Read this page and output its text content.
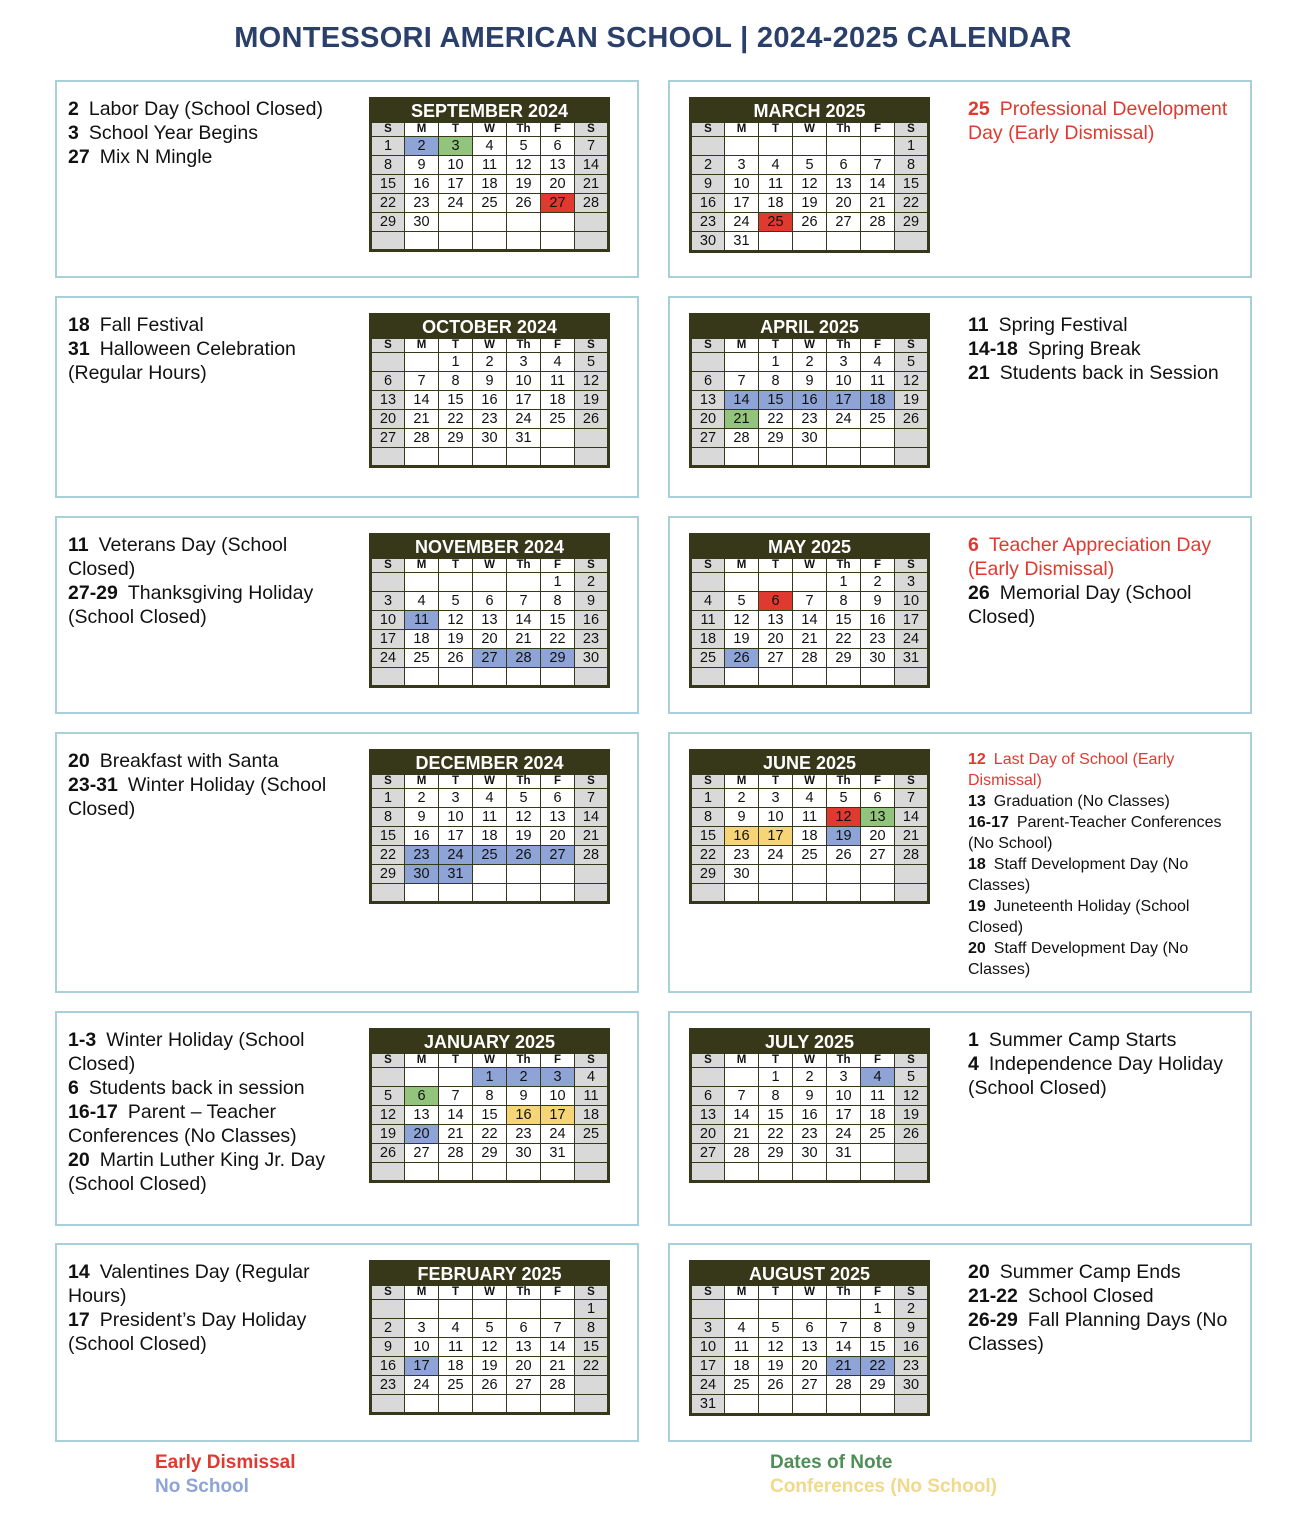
MONTESSORI AMERICAN SCHOOL | 2024-2025 CALENDAR
2 Labor Day (School Closed)
3 School Year Begins
27 Mix N Mingle
SEPTEMBER 2024						
S	M	T	W	Th	F	S
1	2	3	4	5	6	7
8	9	10	11	12	13	14
15	16	17	18	19	20	21
22	23	24	25	26	27	28
29	30					

MARCH 2025						
S	M	T	W	Th	F	S
						1
2	3	4	5	6	7	8
9	10	11	12	13	14	15
16	17	18	19	20	21	22
23	24	25	26	27	28	29
30	31					
25 Professional Development Day (Early Dismissal)
18 Fall Festival
31 Halloween Celebration (Regular Hours)
OCTOBER 2024						
S	M	T	W	Th	F	S
		1	2	3	4	5
6	7	8	9	10	11	12
13	14	15	16	17	18	19
20	21	22	23	24	25	26
27	28	29	30	31		

APRIL 2025						
S	M	T	W	Th	F	S
		1	2	3	4	5
6	7	8	9	10	11	12
13	14	15	16	17	18	19
20	21	22	23	24	25	26
27	28	29	30			

11 Spring Festival
14-18 Spring Break
21 Students back in Session
11 Veterans Day (School Closed)
27-29 Thanksgiving Holiday (School Closed)
NOVEMBER 2024						
S	M	T	W	Th	F	S
					1	2
3	4	5	6	7	8	9
10	11	12	13	14	15	16
17	18	19	20	21	22	23
24	25	26	27	28	29	30

MAY 2025						
S	M	T	W	Th	F	S
				1	2	3
4	5	6	7	8	9	10
11	12	13	14	15	16	17
18	19	20	21	22	23	24
25	26	27	28	29	30	31

6 Teacher Appreciation Day (Early Dismissal)
26 Memorial Day (School Closed)
20 Breakfast with Santa
23-31 Winter Holiday (School Closed)
DECEMBER 2024						
S	M	T	W	Th	F	S
1	2	3	4	5	6	7
8	9	10	11	12	13	14
15	16	17	18	19	20	21
22	23	24	25	26	27	28
29	30	31				

JUNE 2025						
S	M	T	W	Th	F	S
1	2	3	4	5	6	7
8	9	10	11	12	13	14
15	16	17	18	19	20	21
22	23	24	25	26	27	28
29	30					

12 Last Day of School (Early Dismissal)
13 Graduation (No Classes)
16-17 Parent-Teacher Conferences (No School)
18 Staff Development Day (No Classes)
19 Juneteenth Holiday (School Closed)
20 Staff Development Day (No Classes)
1-3 Winter Holiday (School Closed)
6 Students back in session
16-17 Parent – Teacher Conferences (No Classes)
20 Martin Luther King Jr. Day (School Closed)
JANUARY 2025						
S	M	T	W	Th	F	S
			1	2	3	4
5	6	7	8	9	10	11
12	13	14	15	16	17	18
19	20	21	22	23	24	25
26	27	28	29	30	31	

JULY 2025						
S	M	T	W	Th	F	S
		1	2	3	4	5
6	7	8	9	10	11	12
13	14	15	16	17	18	19
20	21	22	23	24	25	26
27	28	29	30	31		

1 Summer Camp Starts
4 Independence Day Holiday (School Closed)
14 Valentines Day (Regular Hours)
17 President’s Day Holiday (School Closed)
FEBRUARY 2025						
S	M	T	W	Th	F	S
						1
2	3	4	5	6	7	8
9	10	11	12	13	14	15
16	17	18	19	20	21	22
23	24	25	26	27	28	

AUGUST 2025						
S	M	T	W	Th	F	S
					1	2
3	4	5	6	7	8	9
10	11	12	13	14	15	16
17	18	19	20	21	22	23
24	25	26	27	28	29	30
31						
20 Summer Camp Ends
21-22 School Closed
26-29 Fall Planning Days (No Classes)
Early Dismissal
No School
Dates of Note
Conferences (No School)
